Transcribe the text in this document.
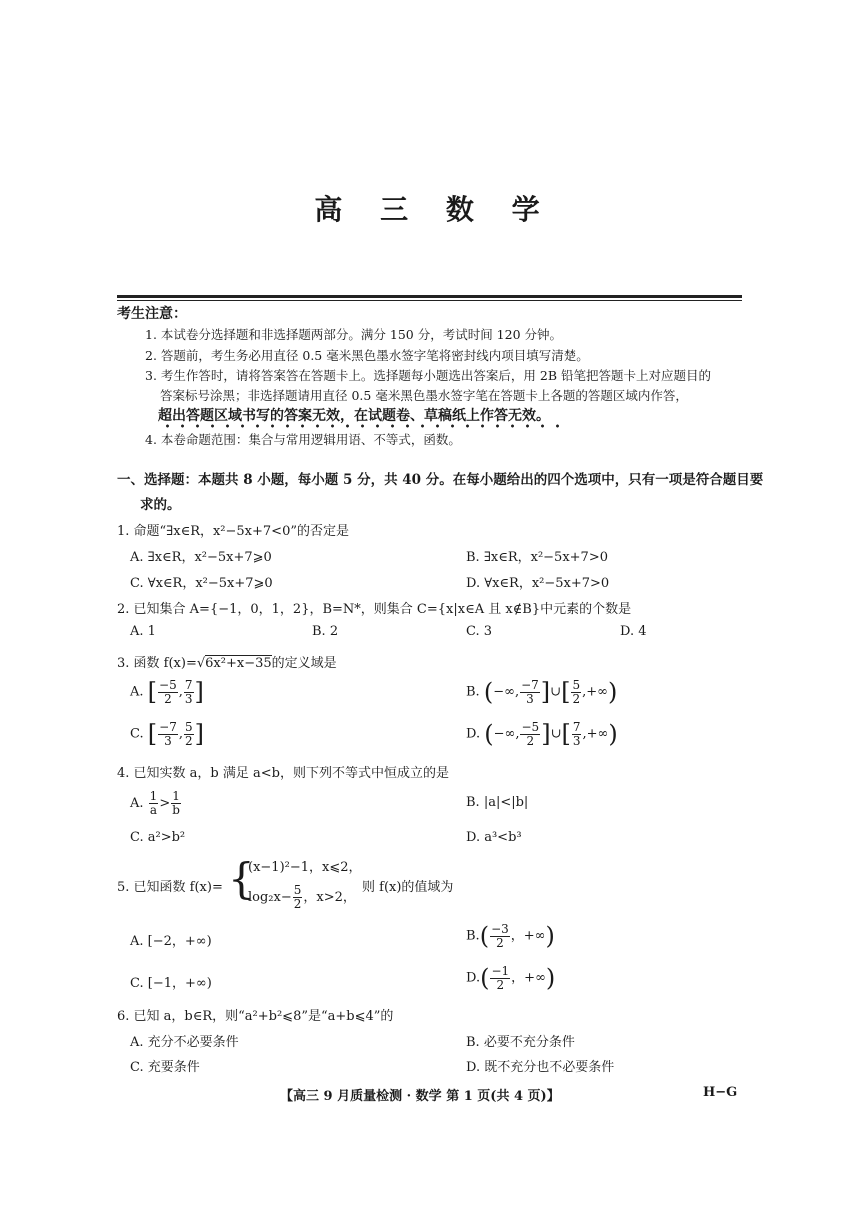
高 三 数 学
考生注意：
1. 本试卷分选择题和非选择题两部分。满分 150 分，考试时间 120 分钟。
2. 答题前，考生务必用直径 0.5 毫米黑色墨水签字笔将密封线内项目填写清楚。
3. 考生作答时，请将答案答在答题卡上。选择题每小题选出答案后，用 2B 铅笔把答题卡上对应题目的
答案标号涂黑；非选择题请用直径 0.5 毫米黑色墨水签字笔在答题卡上各题的答题区域内作答，
超出答题区域书写的答案无效，在试题卷、草稿纸上作答无效。
4. 本卷命题范围：集合与常用逻辑用语、不等式，函数。
一、选择题：本题共 8 小题，每小题 5 分，共 40 分。在每小题给出的四个选项中，只有一项是符合题目要
求的。
1. 命题“∃x∈R，x²−5x+7<0”的否定是
A. ∃x∈R，x²−5x+7⩾0	B. ∃x∈R，x²−5x+7>0
C. ∀x∈R，x²−5x+7⩾0	D. ∀x∈R，x²−5x+7>0
2. 已知集合 A={−1，0，1，2}，B=N*，则集合 C={x|x∈A 且 x∉B}中元素的个数是
A. 1	B. 2	C. 3	D. 4
3. 函数 f(x)=√6x²+x−35的定义域是
A. [ $\frac{-5}{2}$ , $\frac{7}{3}$ ]	B. (−∞, $\frac{-7}{3}$ ]∪[ $\frac{5}{2}$ ,+∞)
C. [ $\frac{-7}{3}$ , $\frac{5}{2}$ ]	D. (−∞, $\frac{-5}{2}$ ]∪[ $\frac{7}{3}$ ,+∞)
4. 已知实数 a，b 满足 a<b，则下列不等式中恒成立的是
A. $\frac{1}{a} > \frac{1}{b}$	B. |a|<|b|
C. a²>b²	D. a³<b³
5. 已知函数 f(x)= {
(x−1)²−1，x⩽2，
$\log_2x- \frac{5}{2}$ ，x>2，
则 f(x)的值域为
A. [−2，+∞)	$B.( \frac{-3}{2}$ ，+∞)
C. [−1，+∞)	$D.( \frac{-1}{2}$ ，+∞)
6. 已知 a，b∈R，则“a²+b²⩽8”是“a+b⩽4”的
A. 充分不必要条件	B. 必要不充分条件
C. 充要条件	D. 既不充分也不必要条件
【高三 9 月质量检测 · 数学 第 1 页(共 4 页)】	H−G
